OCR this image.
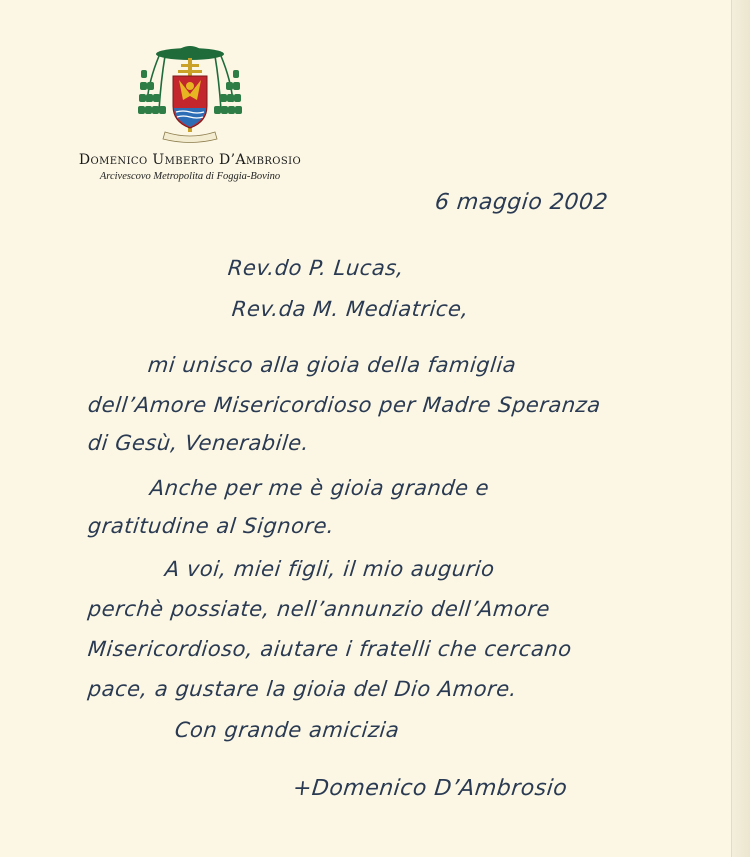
Domenico Umberto D’Ambrosio
Arcivescovo Metropolita di Foggia-Bovino
6 maggio 2002
Rev.do P. Lucas,
Rev.da M. Mediatrice,
mi unisco alla gioia della famiglia
dell’Amore Misericordioso per Madre Speranza
di Gesù, Venerabile.
Anche per me è gioia grande e
gratitudine al Signore.
A voi, miei figli, il mio augurio
perchè possiate, nell’annunzio dell’Amore
Misericordioso, aiutare i fratelli che cercano
pace, a gustare la gioia del Dio Amore.
Con grande amicizia
+Domenico D’Ambrosio
